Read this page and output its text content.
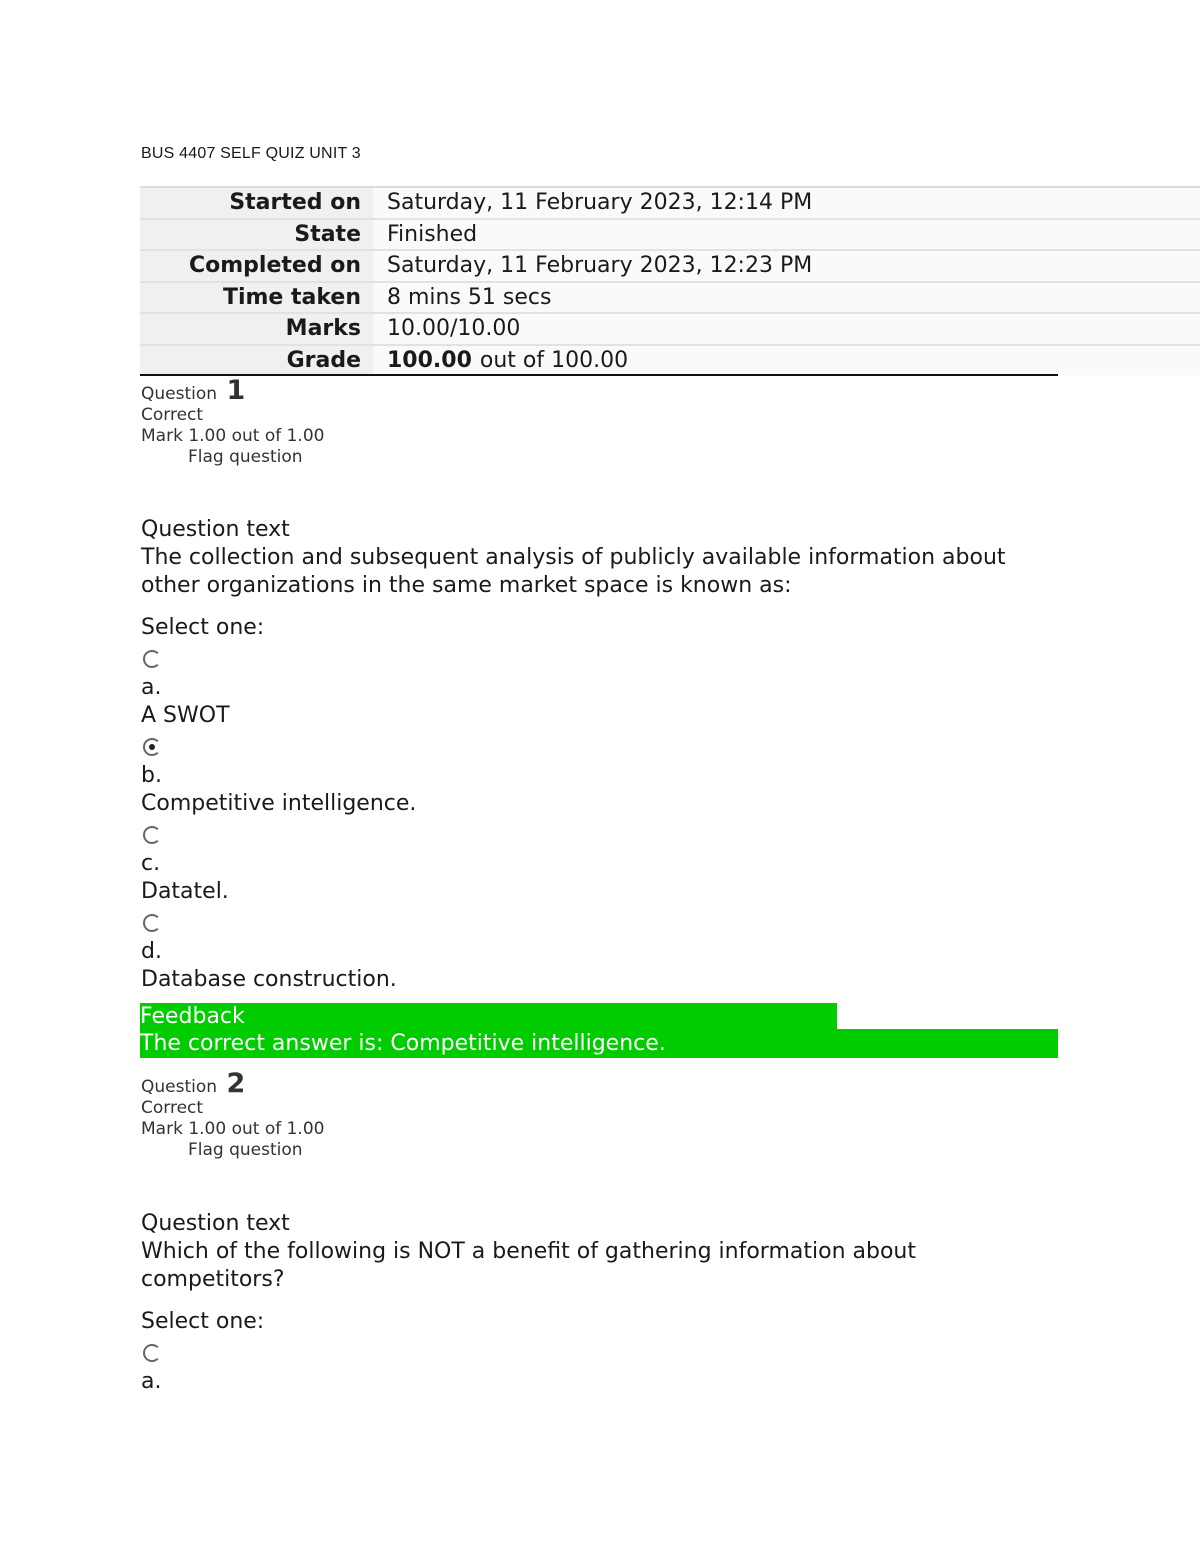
BUS 4407 SELF QUIZ UNIT 3
Started on	Saturday, 11 February 2023, 12:14 PM
State	Finished
Completed on	Saturday, 11 February 2023, 12:23 PM
Time taken	8 mins 51 secs
Marks	10.00/10.00
Grade	100.00 out of 100.00
Question 1
Correct
Mark 1.00 out of 1.00
Flag question
Question text
The collection and subsequent analysis of publicly available information about other organizations in the same market space is known as:
Select one:
a.
A SWOT
b.
Competitive intelligence.
c.
Datatel.
d.
Database construction.
Feedback
The correct answer is: Competitive intelligence.
Question 2
Correct
Mark 1.00 out of 1.00
Flag question
Question text
Which of the following is NOT a benefit of gathering information about competitors?
Select one:
a.
